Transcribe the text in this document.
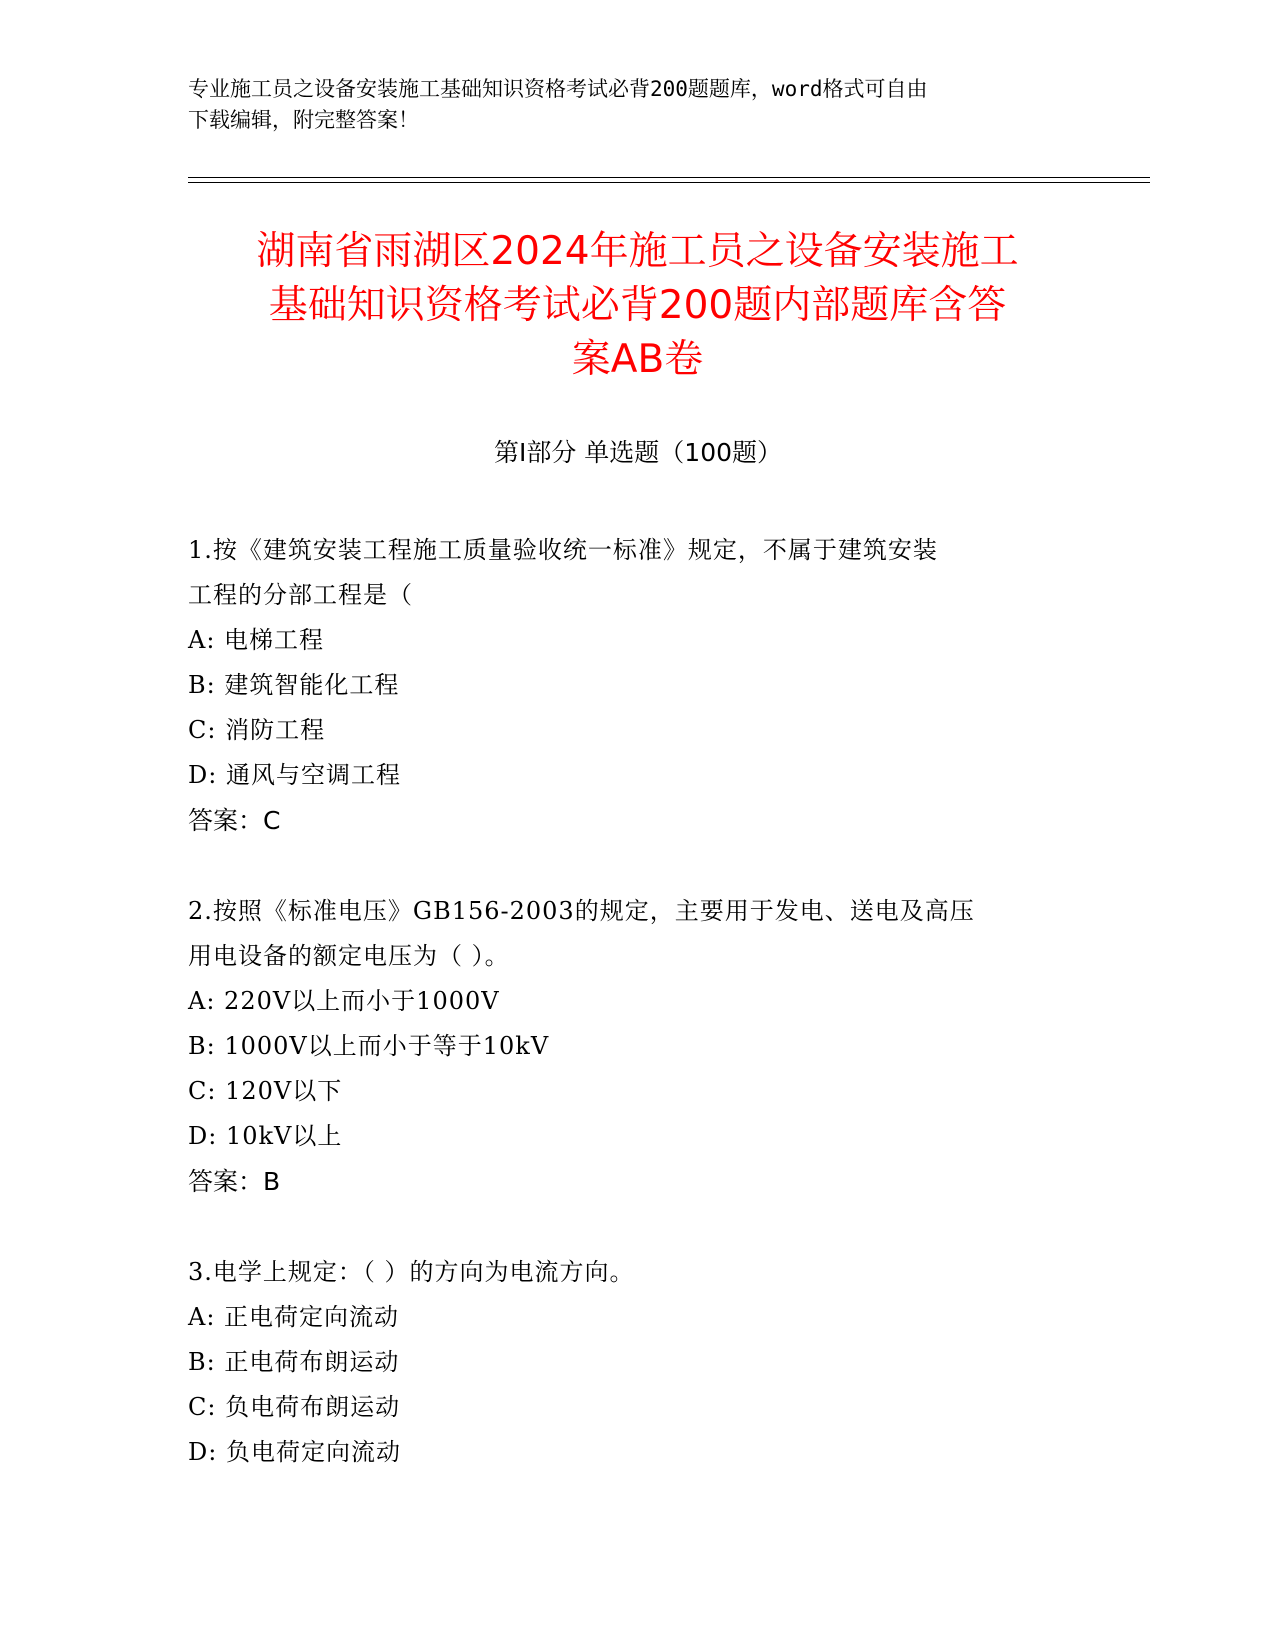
专业施工员之设备安装施工基础知识资格考试必背200题题库，word格式可自由
下载编辑，附完整答案！
湖南省雨湖区2024年施工员之设备安装施工
基础知识资格考试必背200题内部题库含答
案AB卷
第Ⅰ部分 单选题（100题）
1.按《建筑安装工程施工质量验收统一标准》规定，不属于建筑安装
工程的分部工程是（
A: 电梯工程
B: 建筑智能化工程
C: 消防工程
D: 通风与空调工程
答案：C
2.按照《标准电压》GB156-2003的规定，主要用于发电、送电及高压
用电设备的额定电压为（ ）。
A: 220V以上而小于1000V
B: 1000V以上而小于等于10kV
C: 120V以下
D: 10kV以上
答案：B
3.电学上规定：（ ）的方向为电流方向。
A: 正电荷定向流动
B: 正电荷布朗运动
C: 负电荷布朗运动
D: 负电荷定向流动
